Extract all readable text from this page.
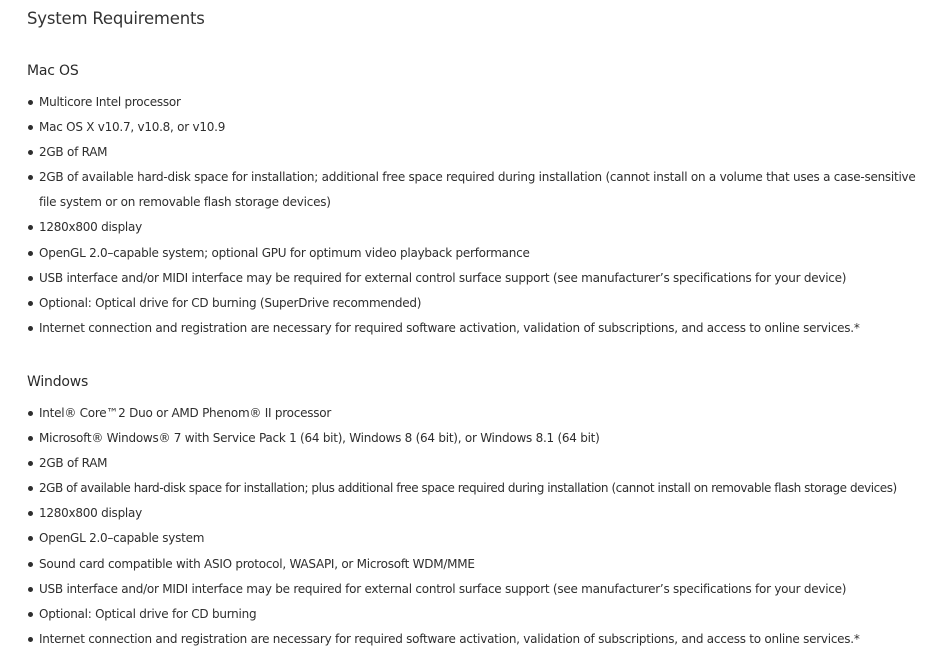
System Requirements
Mac OS
Multicore Intel processor
Mac OS X v10.7, v10.8, or v10.9
2GB of RAM
2GB of available hard-disk space for installation; additional free space required during installation (cannot install on a volume that uses a case-sensitive file system or on removable flash storage devices)
1280x800 display
OpenGL 2.0–capable system; optional GPU for optimum video playback performance
USB interface and/or MIDI interface may be required for external control surface support (see manufacturer’s specifications for your device)
Optional: Optical drive for CD burning (SuperDrive recommended)
Internet connection and registration are necessary for required software activation, validation of subscriptions, and access to online services.*
Windows
Intel® Core™2 Duo or AMD Phenom® II processor
Microsoft® Windows® 7 with Service Pack 1 (64 bit), Windows 8 (64 bit), or Windows 8.1 (64 bit)
2GB of RAM
2GB of available hard-disk space for installation; plus additional free space required during installation (cannot install on removable flash storage devices)
1280x800 display
OpenGL 2.0–capable system
Sound card compatible with ASIO protocol, WASAPI, or Microsoft WDM/MME
USB interface and/or MIDI interface may be required for external control surface support (see manufacturer’s specifications for your device)
Optional: Optical drive for CD burning
Internet connection and registration are necessary for required software activation, validation of subscriptions, and access to online services.*
